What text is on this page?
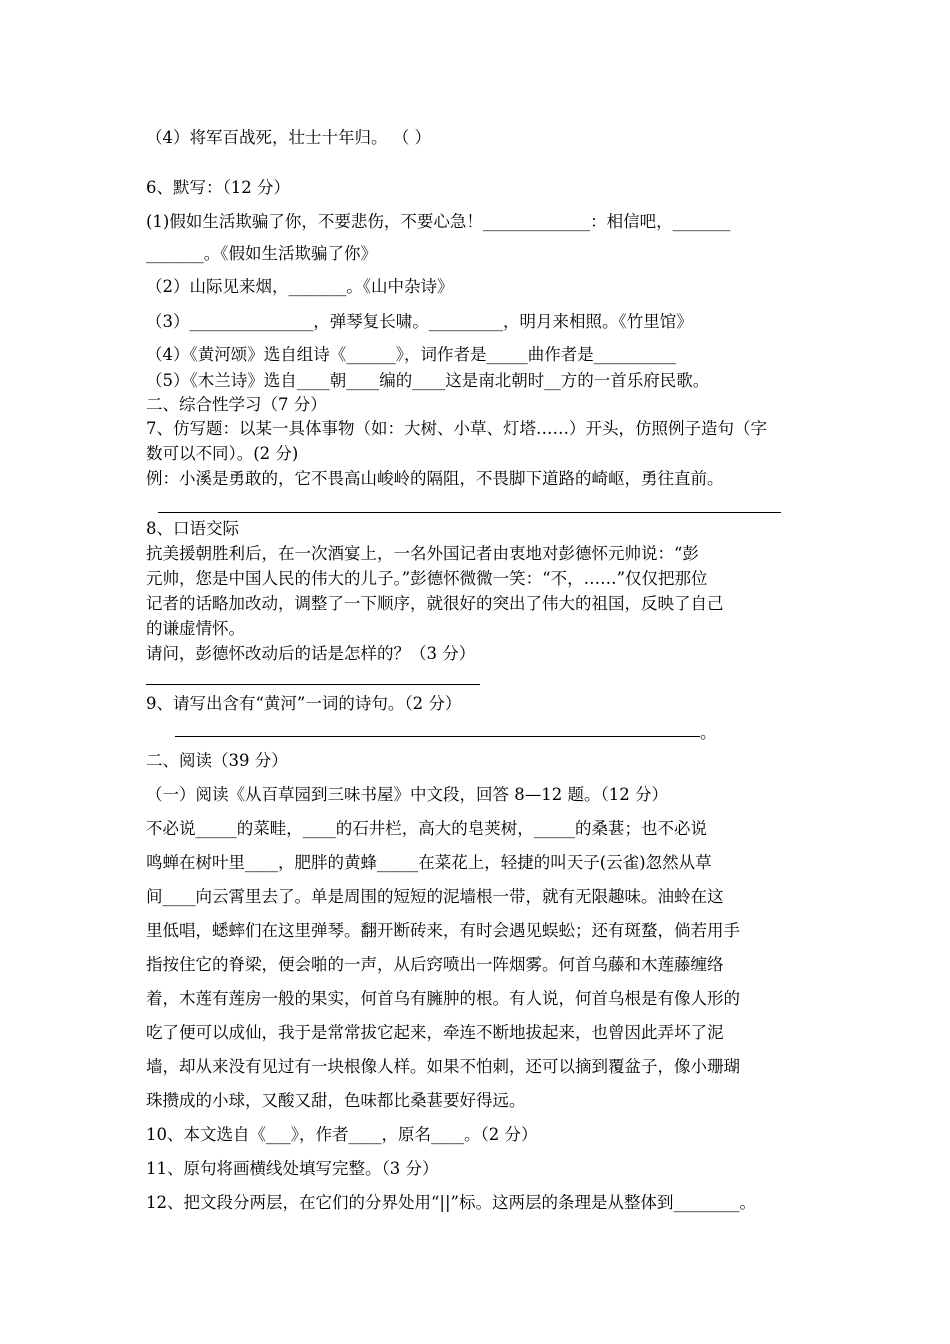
（4）将军百战死，壮士十年归。 （ ）
6、默写：（12 分）
(1)假如生活欺骗了你，不要悲伤，不要心急！_____________：相信吧，_______
_______。《假如生活欺骗了你》
（2）山际见来烟，_______。《山中杂诗》
（3）_______________，弹琴复长啸。_________，明月来相照。《竹里馆》
（4）《黄河颂》选自组诗《______》，词作者是_____曲作者是__________
（5）《木兰诗》选自____朝____编的____这是南北朝时__方的一首乐府民歌。
二、综合性学习（7 分）
7、仿写题：以某一具体事物（如：大树、小草、灯塔……）开头，仿照例子造句（字
数可以不同）。(2 分)
例：小溪是勇敢的，它不畏高山峻岭的隔阻，不畏脚下道路的崎岖，勇往直前。
8、口语交际
抗美援朝胜利后，在一次酒宴上，一名外国记者由衷地对彭德怀元帅说：“彭
元帅，您是中国人民的伟大的儿子。”彭德怀微微一笑：“不，……”仅仅把那位
记者的话略加改动，调整了一下顺序，就很好的突出了伟大的祖国，反映了自己
的谦虚情怀。
请问，彭德怀改动后的话是怎样的？（3 分）
9、请写出含有“黄河”一词的诗句。（2 分）
。
二、阅读（39 分）
（一）阅读《从百草园到三味书屋》中文段，回答 8—12 题。（12 分）
不必说_____的菜畦，____的石井栏，高大的皂荚树，_____的桑葚；也不必说
鸣蝉在树叶里____，肥胖的黄蜂_____在菜花上，轻捷的叫天子(云雀)忽然从草
间____向云霄里去了。单是周围的短短的泥墙根一带，就有无限趣味。油蛉在这
里低唱，蟋蟀们在这里弹琴。翻开断砖来，有时会遇见蜈蚣；还有斑蝥，倘若用手
指按住它的脊梁，便会啪的一声，从后窍喷出一阵烟雾。何首乌藤和木莲藤缠络
着，木莲有莲房一般的果实，何首乌有臃肿的根。有人说，何首乌根是有像人形的
吃了便可以成仙，我于是常常拔它起来，牵连不断地拔起来，也曾因此弄坏了泥
墙，却从来没有见过有一块根像人样。如果不怕刺，还可以摘到覆盆子，像小珊瑚
珠攒成的小球，又酸又甜，色味都比桑葚要好得远。
10、本文选自《___》，作者____，原名____。（2 分）
11、原句将画横线处填写完整。（3 分）
12、把文段分两层，在它们的分界处用“||”标。这两层的条理是从整体到________。
